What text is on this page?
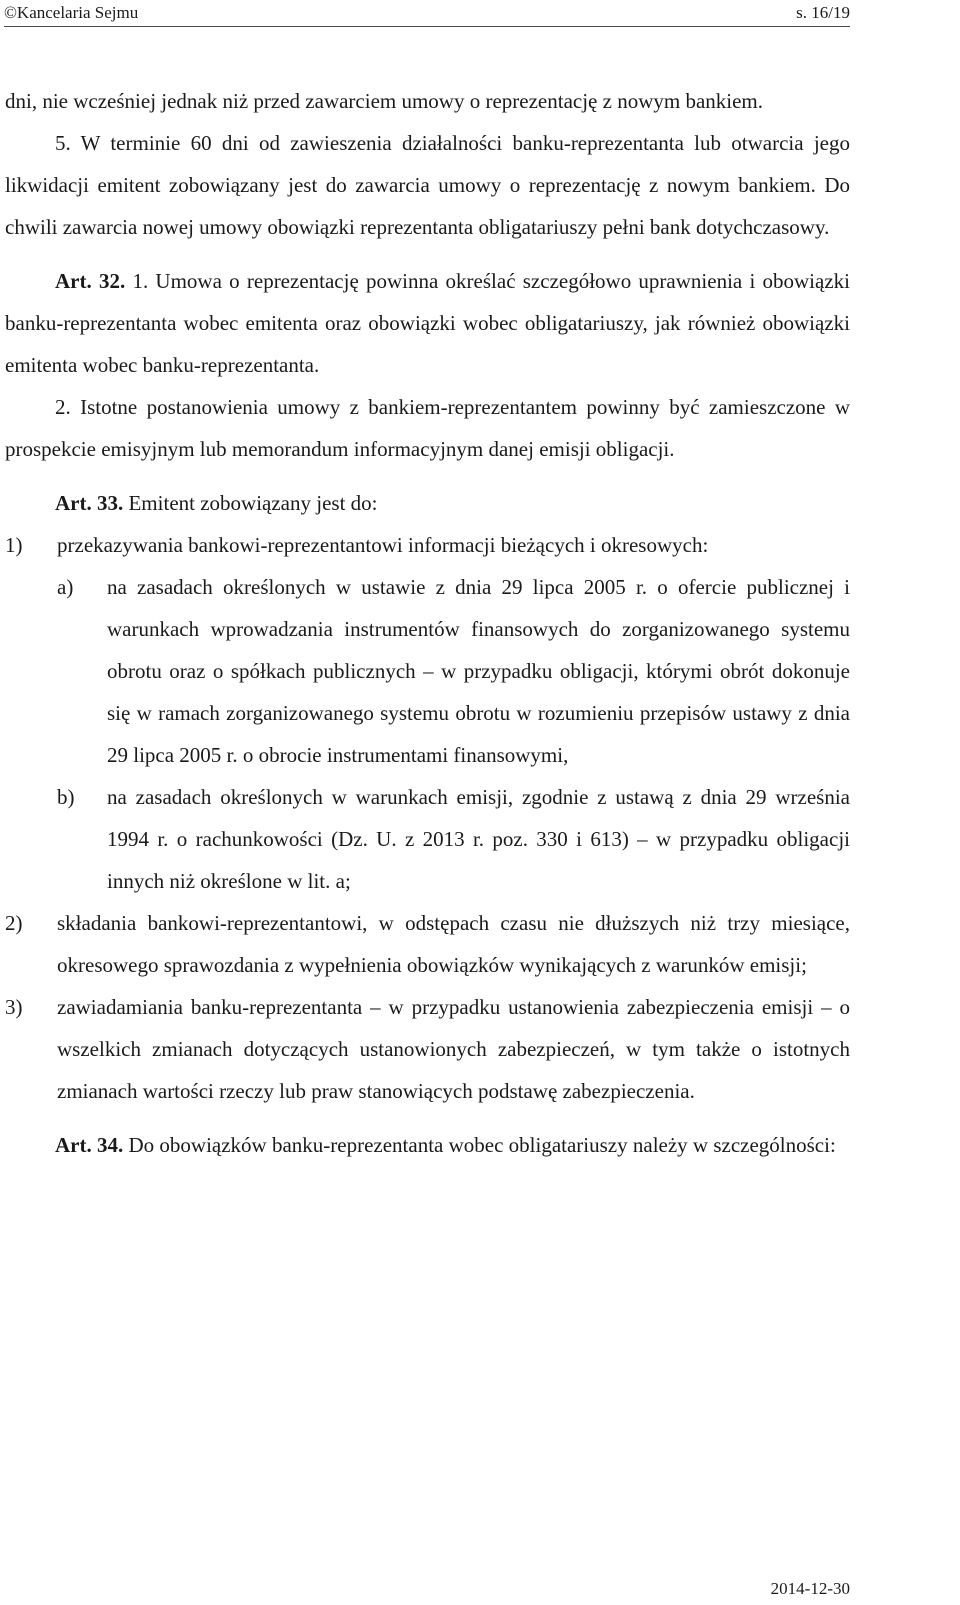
©Kancelaria Sejmu	s. 16/19

dni, nie wcześniej jednak niż przed zawarciem umowy o reprezentację z nowym bankiem.

5. W terminie 60 dni od zawieszenia działalności banku-reprezentanta lub otwarcia jego likwidacji emitent zobowiązany jest do zawarcia umowy o reprezentację z nowym bankiem. Do chwili zawarcia nowej umowy obowiązki reprezentanta obligatariuszy pełni bank dotychczasowy.

Art. 32. 1. Umowa o reprezentację powinna określać szczegółowo uprawnienia i obowiązki banku-reprezentanta wobec emitenta oraz obowiązki wobec obligatariuszy, jak również obowiązki emitenta wobec banku-reprezentanta.

2. Istotne postanowienia umowy z bankiem-reprezentantem powinny być zamieszczone w prospekcie emisyjnym lub memorandum informacyjnym danej emisji obligacji.

Art. 33. Emitent zobowiązany jest do:

1) przekazywania bankowi-reprezentantowi informacji bieżących i okresowych:
a) na zasadach określonych w ustawie z dnia 29 lipca 2005 r. o ofercie publicznej i warunkach wprowadzania instrumentów finansowych do zorganizowanego systemu obrotu oraz o spółkach publicznych – w przypadku obligacji, którymi obrót dokonuje się w ramach zorganizowanego systemu obrotu w rozumieniu przepisów ustawy z dnia 29 lipca 2005 r. o obrocie instrumentami finansowymi,
b) na zasadach określonych w warunkach emisji, zgodnie z ustawą z dnia 29 września 1994 r. o rachunkowości (Dz. U. z 2013 r. poz. 330 i 613) – w przypadku obligacji innych niż określone w lit. a;
2) składania bankowi-reprezentantowi, w odstępach czasu nie dłuższych niż trzy miesiące, okresowego sprawozdania z wypełnienia obowiązków wynikających z warunków emisji;
3) zawiadamiania banku-reprezentanta – w przypadku ustanowienia zabezpieczenia emisji – o wszelkich zmianach dotyczących ustanowionych zabezpieczeń, w tym także o istotnych zmianach wartości rzeczy lub praw stanowiących podstawę zabezpieczenia.

Art. 34. Do obowiązków banku-reprezentanta wobec obligatariuszy należy w szczególności:

2014-12-30
